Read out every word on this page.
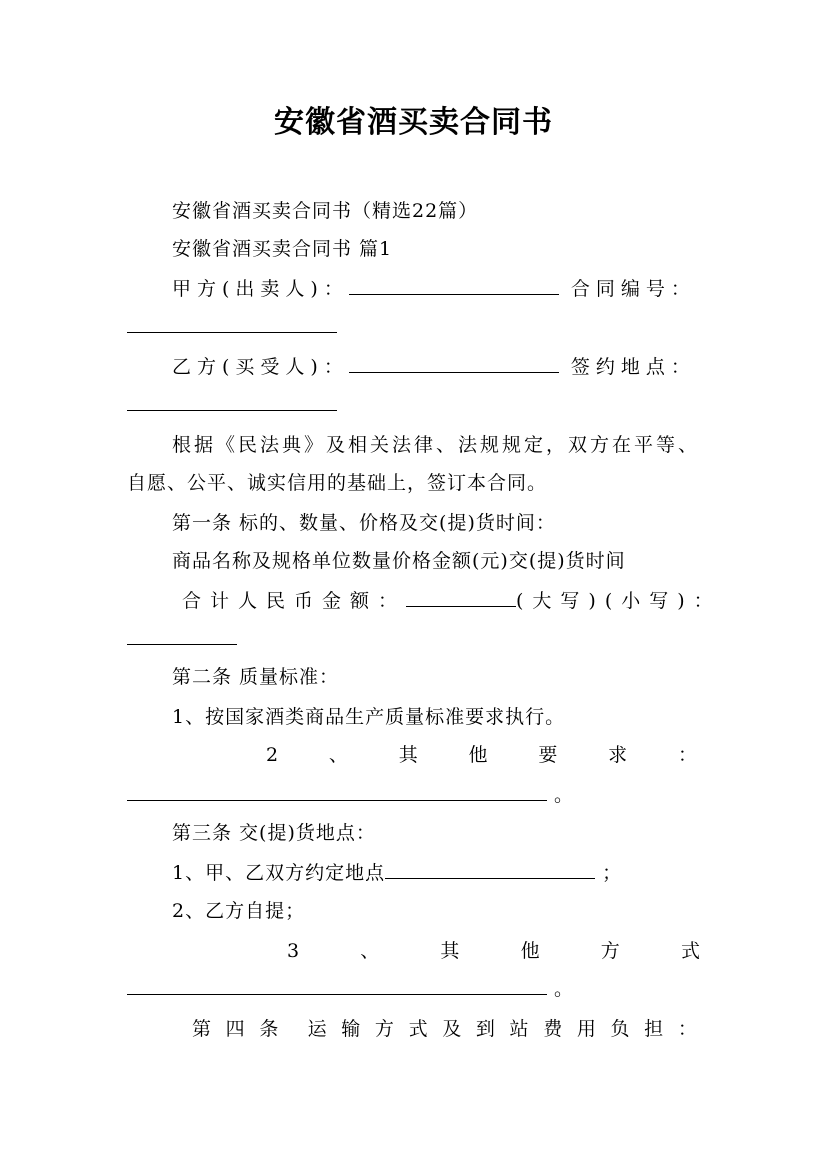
安徽省酒买卖合同书
安徽省酒买卖合同书（精选22篇）
安徽省酒买卖合同书 篇1
甲方(出卖人)：	合同编号：
乙方(买受人)：	签约地点：
根据《民法典》及相关法律、法规规定，双方在平等、
自愿、公平、诚实信用的基础上，签订本合同。
第一条 标的、数量、价格及交(提)货时间：
商品名称及规格单位数量价格金额(元)交(提)货时间
合计人民币金额：	(大写)(小写)：
第二条 质量标准：
1、按国家酒类商品生产质量标准要求执行。
2	、	其	他	要	求	：
。
第三条 交(提)货地点：
1、甲、乙双方约定地点	；
2、乙方自提；
3	、	其	他	方	式
。
第 四 条 运 输 方 式 及 到 站 费 用 负 担 ：
